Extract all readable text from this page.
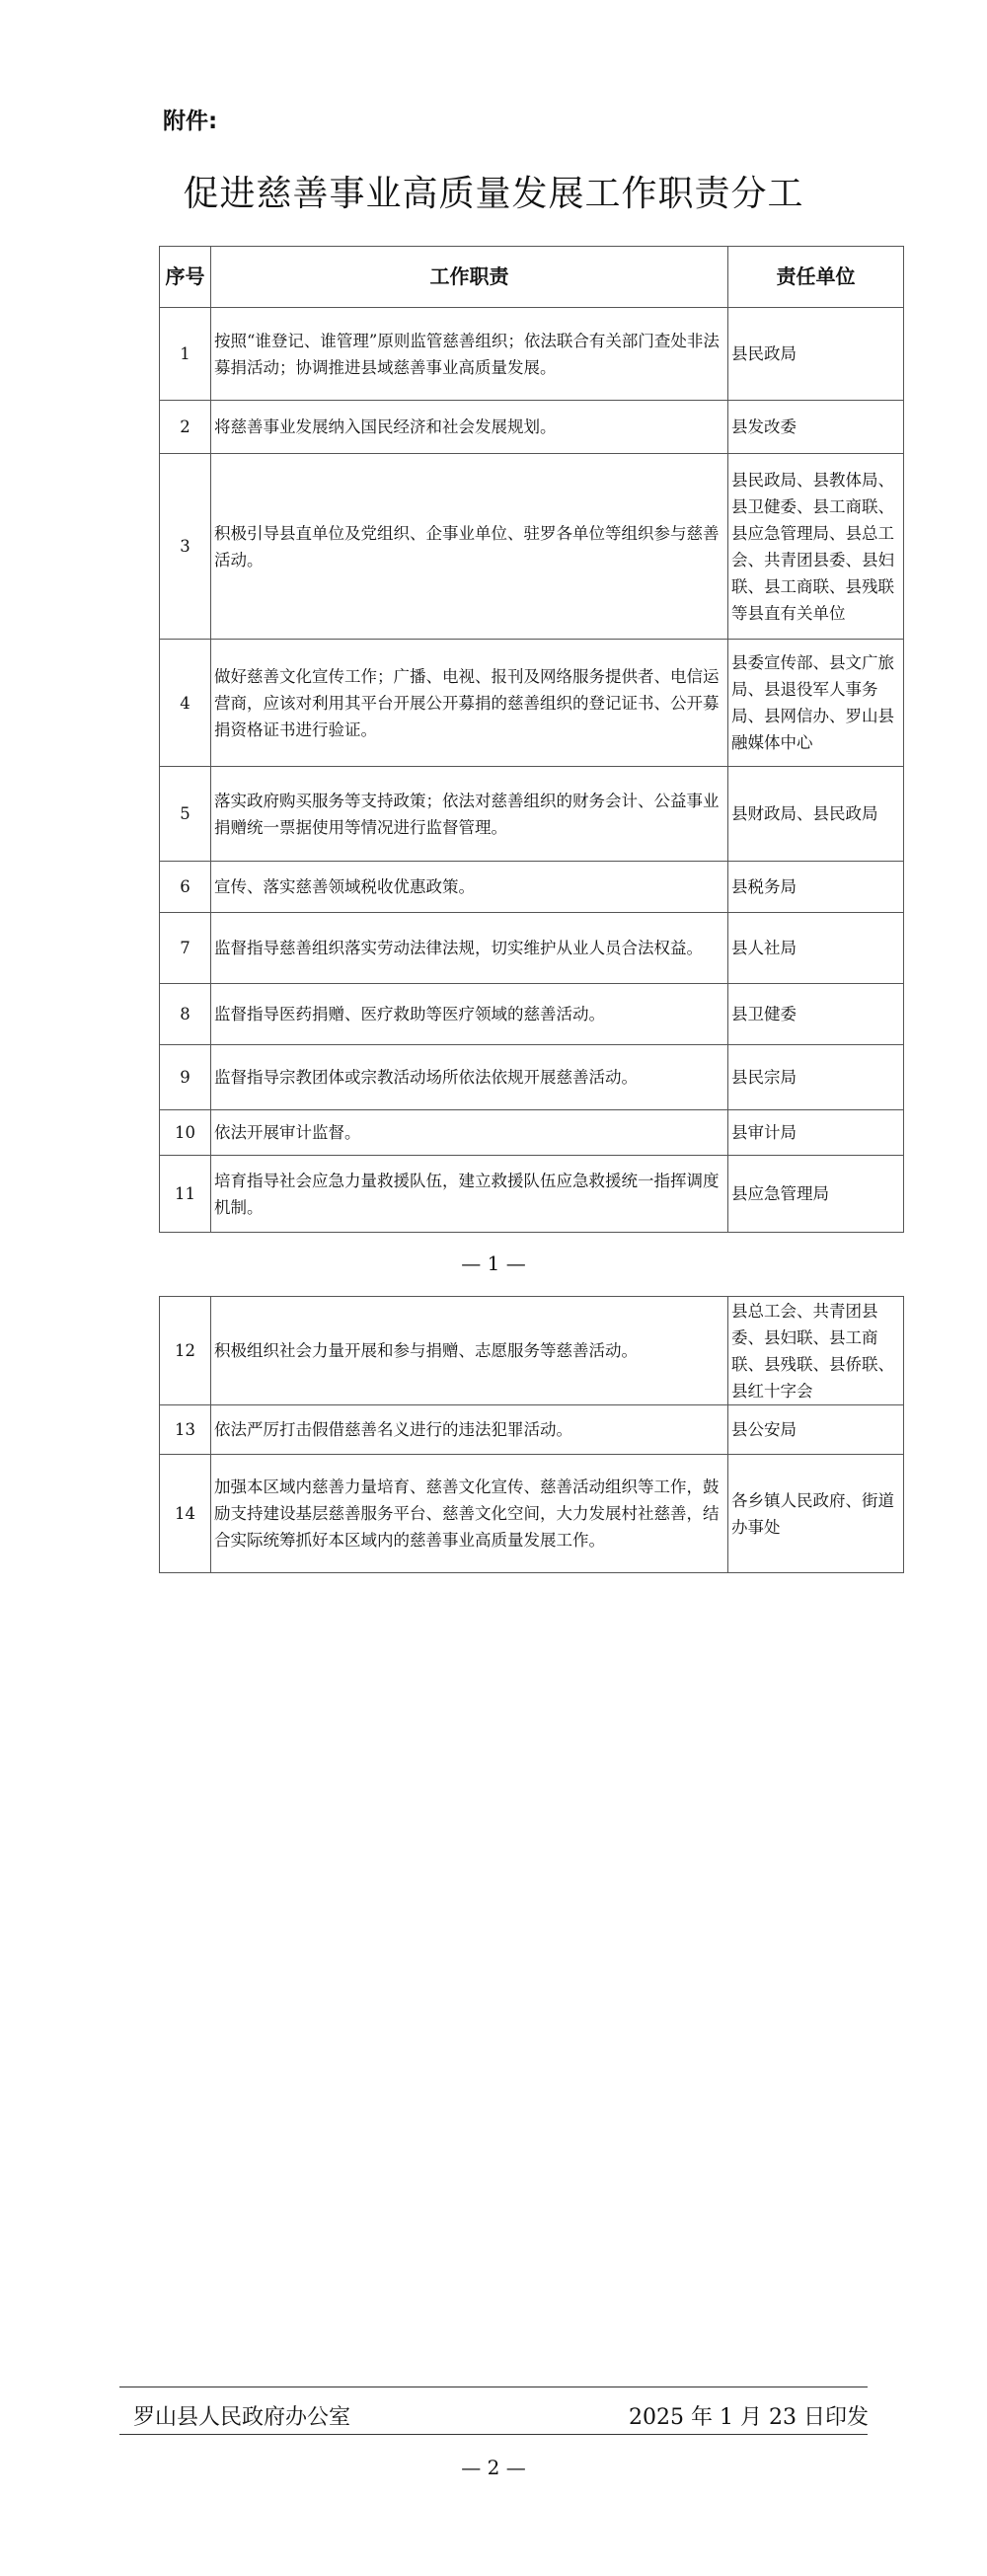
附件:
促进慈善事业高质量发展工作职责分工
序号	工作职责	责任单位
1	按照“谁登记、谁管理”原则监管慈善组织；依法联合有关部门查处非法募捐活动；协调推进县域慈善事业高质量发展。	县民政局
2	将慈善事业发展纳入国民经济和社会发展规划。	县发改委
3	积极引导县直单位及党组织、企事业单位、驻罗各单位等组织参与慈善活动。	县民政局、县教体局、县卫健委、县工商联、县应急管理局、县总工会、共青团县委、县妇联、县工商联、县残联等县直有关单位
4	做好慈善文化宣传工作；广播、电视、报刊及网络服务提供者、电信运营商，应该对利用其平台开展公开募捐的慈善组织的登记证书、公开募捐资格证书进行验证。	县委宣传部、县文广旅局、县退役军人事务局、县网信办、罗山县融媒体中心
5	落实政府购买服务等支持政策；依法对慈善组织的财务会计、公益事业捐赠统一票据使用等情况进行监督管理。	县财政局、县民政局
6	宣传、落实慈善领域税收优惠政策。	县税务局
7	监督指导慈善组织落实劳动法律法规，切实维护从业人员合法权益。	县人社局
8	监督指导医药捐赠、医疗救助等医疗领域的慈善活动。	县卫健委
9	监督指导宗教团体或宗教活动场所依法依规开展慈善活动。	县民宗局
10	依法开展审计监督。	县审计局
11	培育指导社会应急力量救援队伍，建立救援队伍应急救援统一指挥调度机制。	县应急管理局
— 1 —
12	积极组织社会力量开展和参与捐赠、志愿服务等慈善活动。	县总工会、共青团县委、县妇联、县工商联、县残联、县侨联、县红十字会
13	依法严厉打击假借慈善名义进行的违法犯罪活动。	县公安局
14	加强本区域内慈善力量培育、慈善文化宣传、慈善活动组织等工作，鼓励支持建设基层慈善服务平台、慈善文化空间，大力发展村社慈善，结合实际统筹抓好本区域内的慈善事业高质量发展工作。	各乡镇人民政府、街道办事处
罗山县人民政府办公室	2025 年 1 月 23 日印发
— 2 —
